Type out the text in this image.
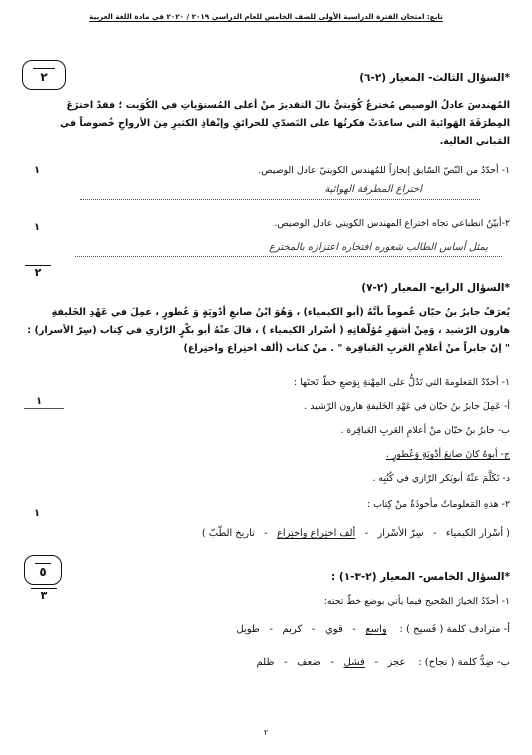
تابع: امتحان الفترة الدراسية الأولى للصف الخامس للعام الدراسي ٢٠١٩ / ٢٠٢٠ في مادة اللغة العربية
٢	*السؤال الثالث- المعيار (٢-٦)
المُهندسَ عادلُ الوصيص مُخترعٌ كُوَيتيٌّ نالَ التقديرَ منْ أعلى المُستوَياتِ في الكُوَيت ؛ فقدْ اخترَعَ المِطرَقَةَ الهَوائيةَ التي ساعدَتْ فكرتُها على التَصدّي للحرائقِ وإنْقاذِ الكثيرِ مِنَ الأرواحِ خُصوصاً في المَباني العالية.
١- أحدّدُ من النّصّ السّابق إنجازاً للمُهندس الكويتيّ عادل الوصيص.
١
اختراع المطرقة الهوائية
٢-أبيّنُ انطباعي تجاه اختراع المهندس الكويتي عادل الوصيص.
١
يمثل أساس الطالب شعوره افتخاره اعتزازه بالمخترع
٢
*السؤال الرابع- المعيار (٢-٧)
يُعرَفُ جابرُ بنُ حيّان عُموماً بأنَّهُ (أبو الكيمياء) ، وَهُوَ ابْنُ صانعِ أدْويَةٍ وَ عُطورٍ ، عمِلَ في عَهْدِ الخَليفةِ هارون الرّشيد ، وَمِنْ أشهَرِ مُؤلّفاتِهِ ( أسْرار الكيمياء ) ، قالَ عنْهُ أبو بكْرٍ الرّازي في كِتاب (سِرّ الأسرار) : " إنّ جابراً منْ أعلامِ العَربِ العَباقِرة " . منْ كتاب (ألف اختِراع واختِراع)
١- أحدّدُ المَعلومةَ التي تَدُلُّ على المِهْنةِ بِوَضعِ خطّ تَحتَها :
أ- عَمِلَ جابرُ بنُ حيّان في عَهْدِ الخَليفةِ هارون الرّشيد .
١
ب- جابرُ بنُ حيّان منْ أعلامِ العَربِ العَباقِرة .
ج- أبوهُ كانَ صانِعَ أدْويَةٍ وَعُطورٍ .
د- تَكَلَّمَ عنْهُ أبوبَكر الرّازي في كُتُبِه .
٢- هذهِ المَعلوماتُ مأخوذَةٌ منْ كِتاب :
١
( أسْرار الكيمياء   -   سِرّ الأسْرار   -   ألف اختِراع واختِراع   -   تاريخ الطّبّ )
٥	*السؤال الخامس- المعيار (٢-٣-١) :
٣	١- أحدّدُ الخيارَ الصّحيح فيما يأتي بوضع خطّ تحته:
أ- مترادف كلمة ( فَسيح ) :    واسع   -   قوي   -   كريم   -   طويل
ب- ضِدُّ كلمة ( نجاح) :    عجز   -   فشل   -   ضعف   -   ظلم
٢
